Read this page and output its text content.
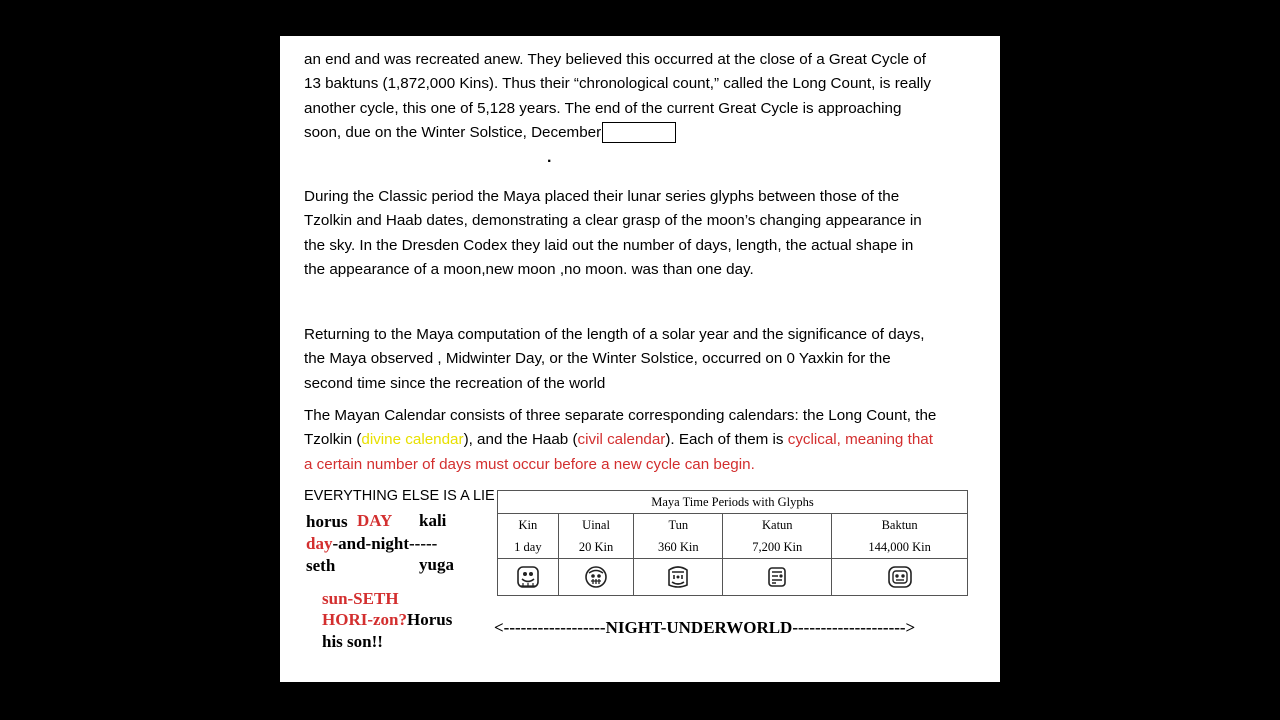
an end and was recreated anew. They believed this occurred at the close of a Great Cycle of
13 baktuns (1,872,000 Kins). Thus their “chronological count,” called the Long Count, is really
another cycle, this one of 5,128 years. The end of the current Great Cycle is approaching
soon, due on the Winter Solstice, December
.
During the Classic period the Maya placed their lunar series glyphs between those of the
Tzolkin and Haab dates, demonstrating a clear grasp of the moon’s changing appearance in
the sky. In the Dresden Codex they laid out the number of days, length, the actual shape in
the appearance of a moon,new moon ,no moon. was than one day.
Returning to the Maya computation of the length of a solar year and the significance of days,
the Maya observed , Midwinter Day, or the Winter Solstice, occurred on 0 Yaxkin for the
second time since the recreation of the world
The Mayan Calendar consists of three separate corresponding calendars: the Long Count, the
Tzolkin (divine calendar), and the Haab (civil calendar). Each of them is cyclical, meaning that
a certain number of days must occur before a new cycle can begin.
EVERYTHING ELSE IS A LIE
horus DAY kali
day-and-night-----
seth	yuga
sun-SETH
HORI-zon?Horus
his son!!
Maya Time Periods with Glyphs				
Kin	Uinal	Tun	Katun	Baktun
1 day	20 Kin	360 Kin	7,200 Kin	144,000 Kin

<------------------NIGHT-UNDERWORLD-------------------->
